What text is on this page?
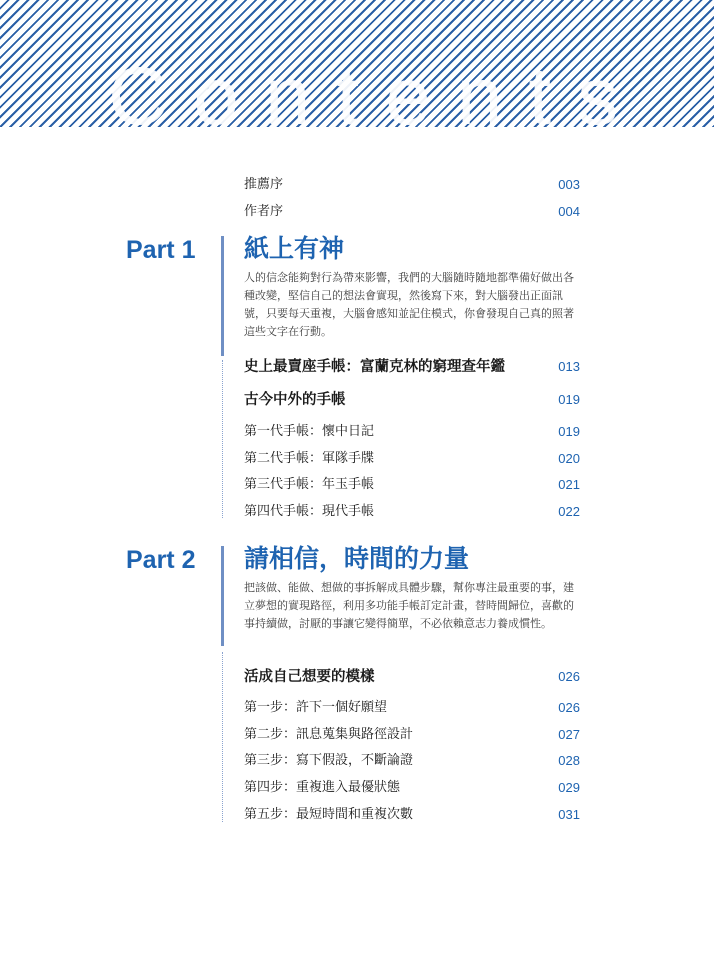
Contents
推薦序	003
作者序	004
Part 1 紙上有神
人的信念能夠對行為帶來影響，我們的大腦隨時隨地都準備好做出各種改變，堅信自己的想法會實現，然後寫下來，對大腦發出正面訊號，只要每天重複，大腦會感知並記住模式，你會發現自己真的照著這些文字在行動。
史上最賣座手帳：富蘭克林的窮理查年鑑	013
古今中外的手帳	019
第一代手帳：懷中日記	019
第二代手帳：軍隊手牒	020
第三代手帳：年玉手帳	021
第四代手帳：現代手帳	022
Part 2 請相信，時間的力量
把該做、能做、想做的事拆解成具體步驟，幫你專注最重要的事，建立夢想的實現路徑，利用多功能手帳訂定計畫，替時間歸位，喜歡的事持續做，討厭的事讓它變得簡單，不必依賴意志力養成慣性。
活成自己想要的模樣	026
第一步：許下一個好願望	026
第二步：訊息蒐集與路徑設計	027
第三步：寫下假設，不斷論證	028
第四步：重複進入最優狀態	029
第五步：最短時間和重複次數	031
